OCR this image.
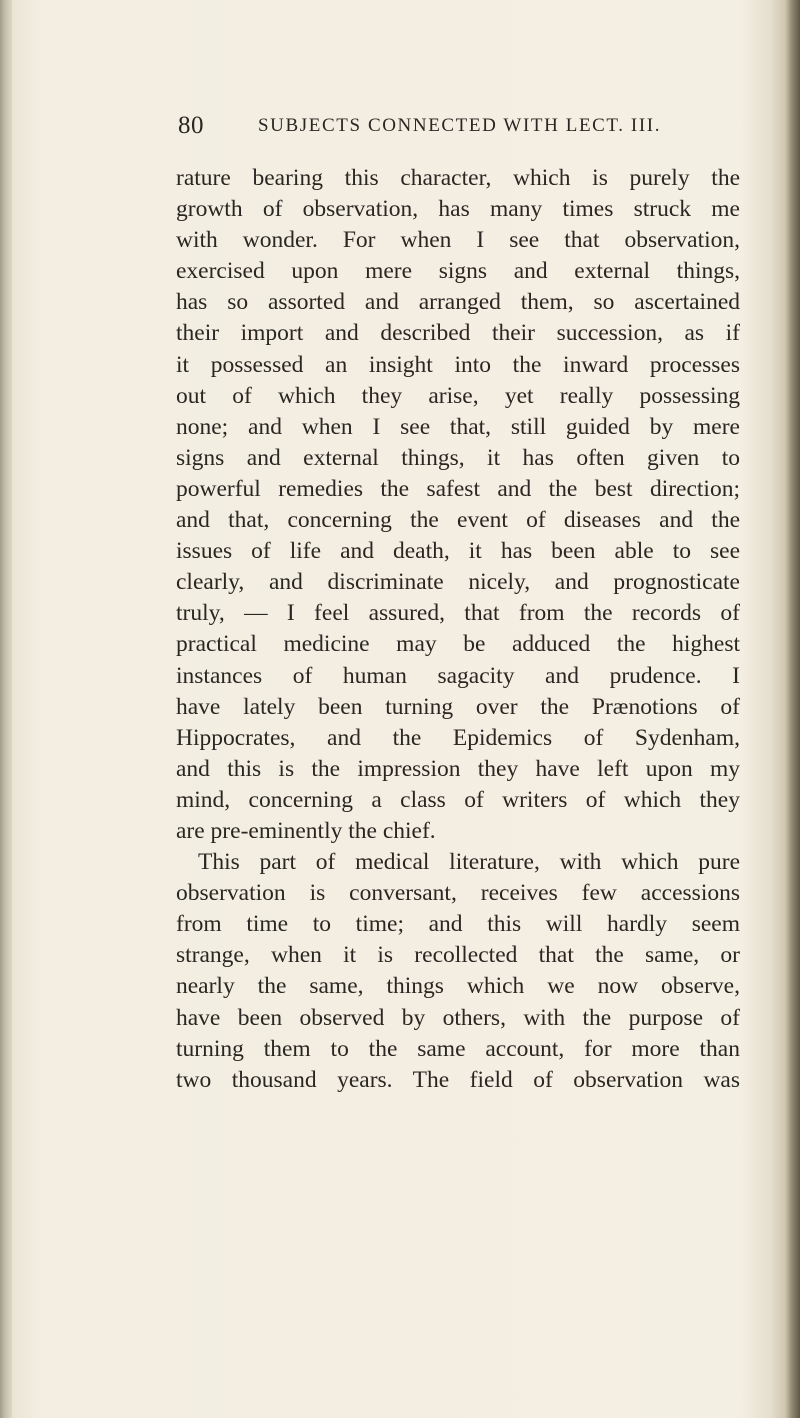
80	SUBJECTS CONNECTED WITH LECT. III.
rature bearing this character, which is purely the
growth of observation, has many times struck me
with wonder. For when I see that observation,
exercised upon mere signs and external things,
has so assorted and arranged them, so ascertained
their import and described their succession, as if
it possessed an insight into the inward processes
out of which they arise, yet really possessing
none; and when I see that, still guided by mere
signs and external things, it has often given to
powerful remedies the safest and the best direction;
and that, concerning the event of diseases and the
issues of life and death, it has been able to see
clearly, and discriminate nicely, and prognosticate
truly, — I feel assured, that from the records of
practical medicine may be adduced the highest
instances of human sagacity and prudence. I
have lately been turning over the Prænotions of
Hippocrates, and the Epidemics of Sydenham,
and this is the impression they have left upon my
mind, concerning a class of writers of which they
are pre-eminently the chief.
This part of medical literature, with which pure
observation is conversant, receives few accessions
from time to time; and this will hardly seem
strange, when it is recollected that the same, or
nearly the same, things which we now observe,
have been observed by others, with the purpose of
turning them to the same account, for more than
two thousand years. The field of observation was
